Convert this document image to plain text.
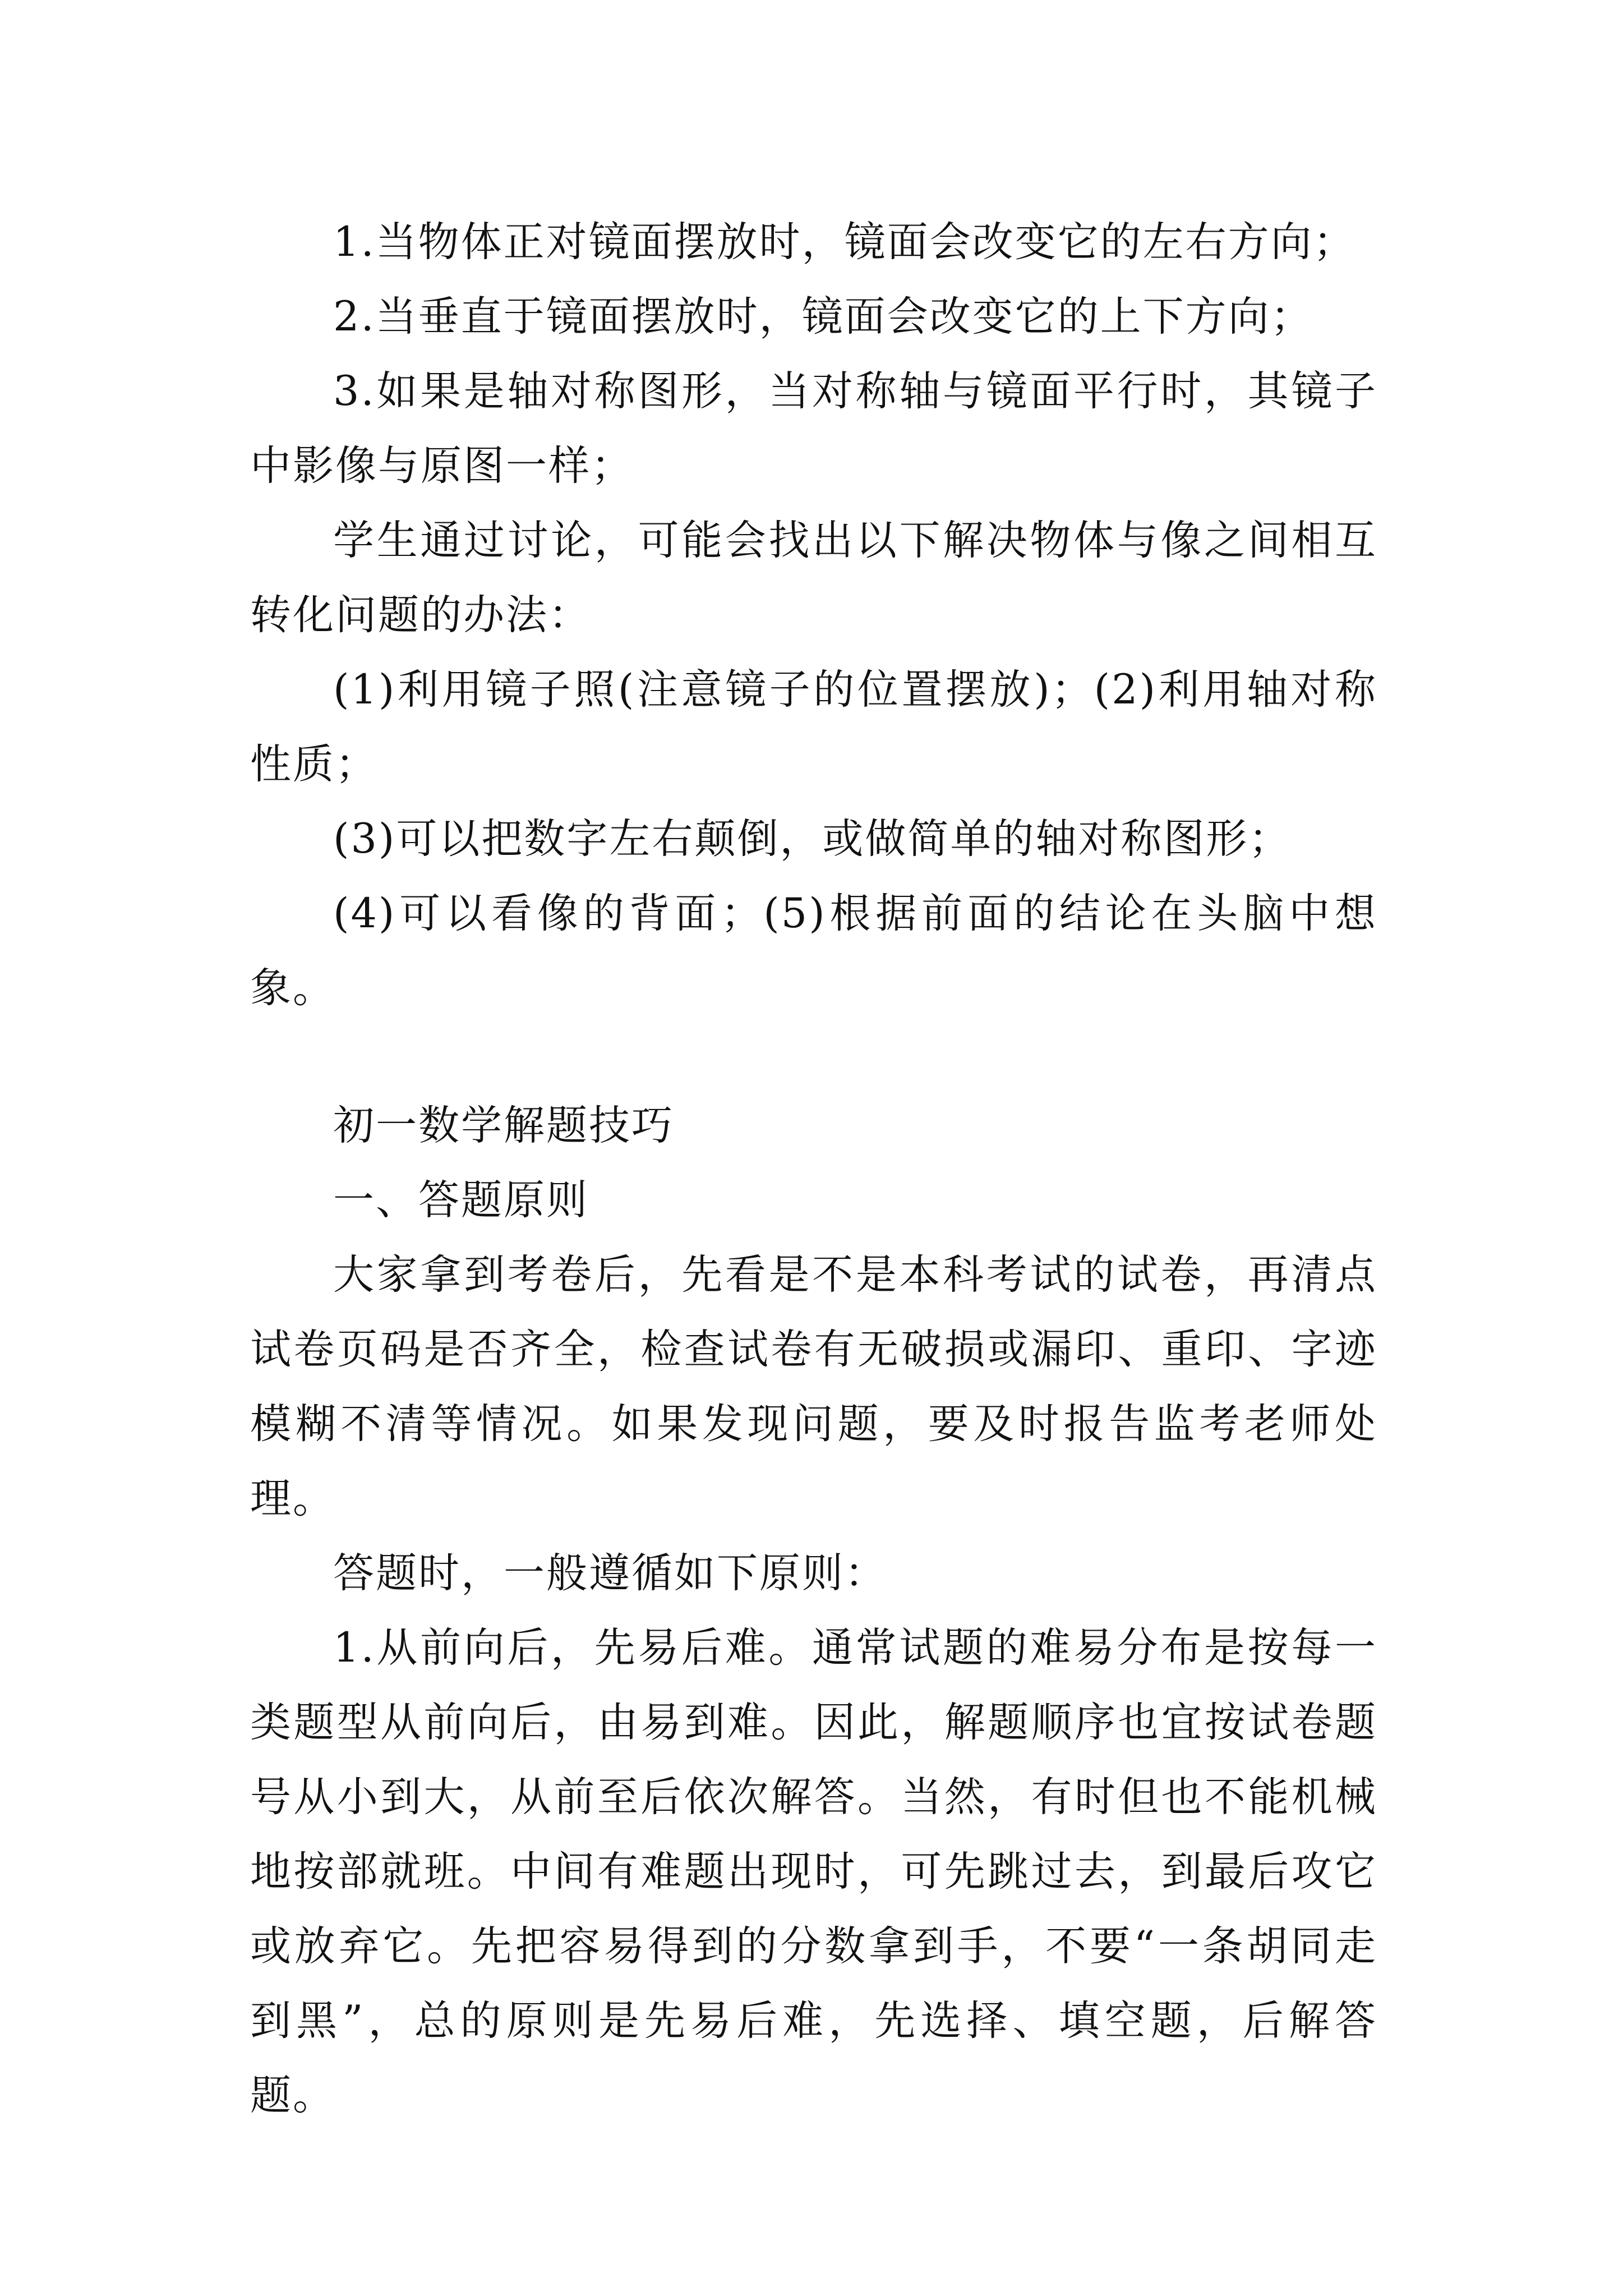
1.当物体正对镜面摆放时，镜面会改变它的左右方向；

2.当垂直于镜面摆放时，镜面会改变它的上下方向；

3.如果是轴对称图形，当对称轴与镜面平行时，其镜子中影像与原图一样；

学生通过讨论，可能会找出以下解决物体与像之间相互转化问题的办法：

(1)利用镜子照(注意镜子的位置摆放)；(2)利用轴对称性质；

(3)可以把数字左右颠倒，或做简单的轴对称图形；

(4)可以看像的背面；(5)根据前面的结论在头脑中想象。

初一数学解题技巧

一、答题原则

大家拿到考卷后，先看是不是本科考试的试卷，再清点试卷页码是否齐全，检查试卷有无破损或漏印、重印、字迹模糊不清等情况。如果发现问题，要及时报告监考老师处理。

答题时，一般遵循如下原则：

1.从前向后，先易后难。通常试题的难易分布是按每一类题型从前向后，由易到难。因此，解题顺序也宜按试卷题号从小到大，从前至后依次解答。当然，有时但也不能机械地按部就班。中间有难题出现时，可先跳过去，到最后攻它或放弃它。先把容易得到的分数拿到手，不要“一条胡同走到黑”，总的原则是先易后难，先选择、填空题，后解答题。
